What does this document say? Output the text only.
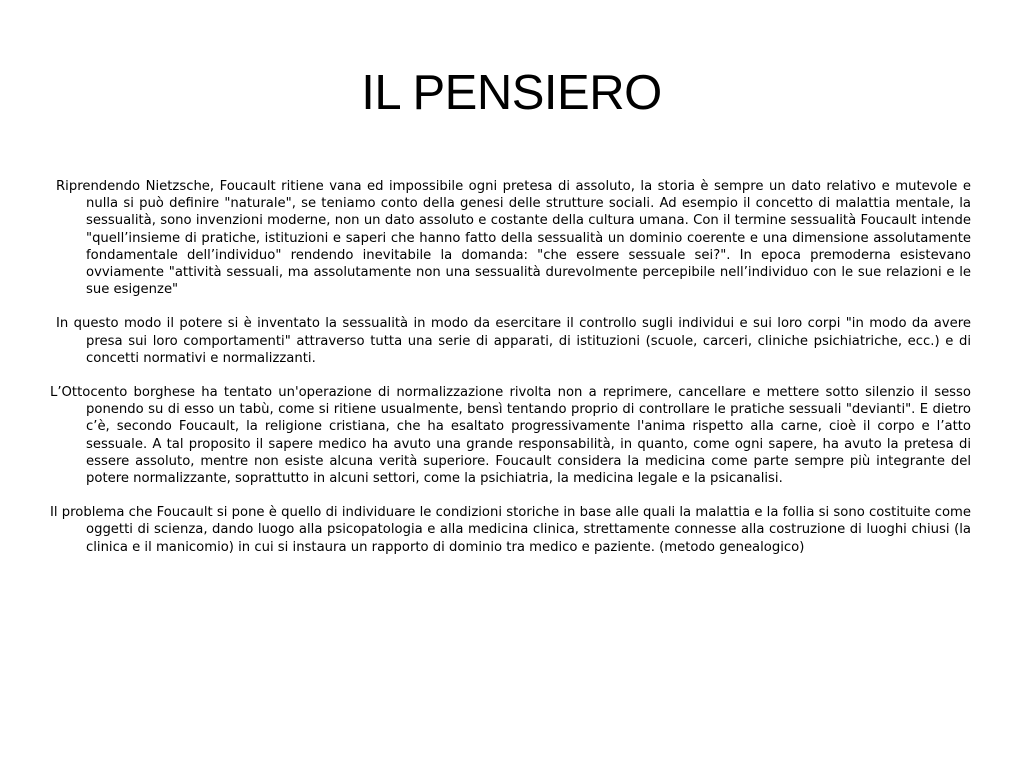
IL PENSIERO

Riprendendo Nietzsche, Foucault ritiene vana ed impossibile ogni pretesa di assoluto, la storia è sempre un dato relativo e mutevole e nulla si può definire "naturale", se teniamo conto della genesi delle strutture sociali. Ad esempio il concetto di malattia mentale, la sessualità, sono invenzioni moderne, non un dato assoluto e costante della cultura umana. Con il termine sessualità Foucault intende "quell’insieme di pratiche, istituzioni e saperi che hanno fatto della sessualità un dominio coerente e una dimensione assolutamente fondamentale dell’individuo" rendendo inevitabile la domanda: "che essere sessuale sei?". In epoca premoderna esistevano ovviamente "attività sessuali, ma assolutamente non una sessualità durevolmente percepibile nell’individuo con le sue relazioni e le sue esigenze"

In questo modo il potere si è inventato la sessualità in modo da esercitare il controllo sugli individui e sui loro corpi "in modo da avere presa sui loro comportamenti" attraverso tutta una serie di apparati, di istituzioni (scuole, carceri, cliniche psichiatriche, ecc.) e di concetti normativi e normalizzanti.

L’Ottocento borghese ha tentato un'operazione di normalizzazione rivolta non a reprimere, cancellare e mettere sotto silenzio il sesso ponendo su di esso un tabù, come si ritiene usualmente, bensì tentando proprio di controllare le pratiche sessuali "devianti". E dietro c’è, secondo Foucault, la religione cristiana, che ha esaltato progressivamente l'anima rispetto alla carne, cioè il corpo e l’atto sessuale. A tal proposito il sapere medico ha avuto una grande responsabilità, in quanto, come ogni sapere, ha avuto la pretesa di essere assoluto, mentre non esiste alcuna verità superiore. Foucault considera la medicina come parte sempre più integrante del potere normalizzante, soprattutto in alcuni settori, come la psichiatria, la medicina legale e la psicanalisi.

Il problema che Foucault si pone è quello di individuare le condizioni storiche in base alle quali la malattia e la follia si sono costituite come oggetti di scienza, dando luogo alla psicopatologia e alla medicina clinica, strettamente connesse alla costruzione di luoghi chiusi (la clinica e il manicomio) in cui si instaura un rapporto di dominio tra medico e paziente. (metodo genealogico)
